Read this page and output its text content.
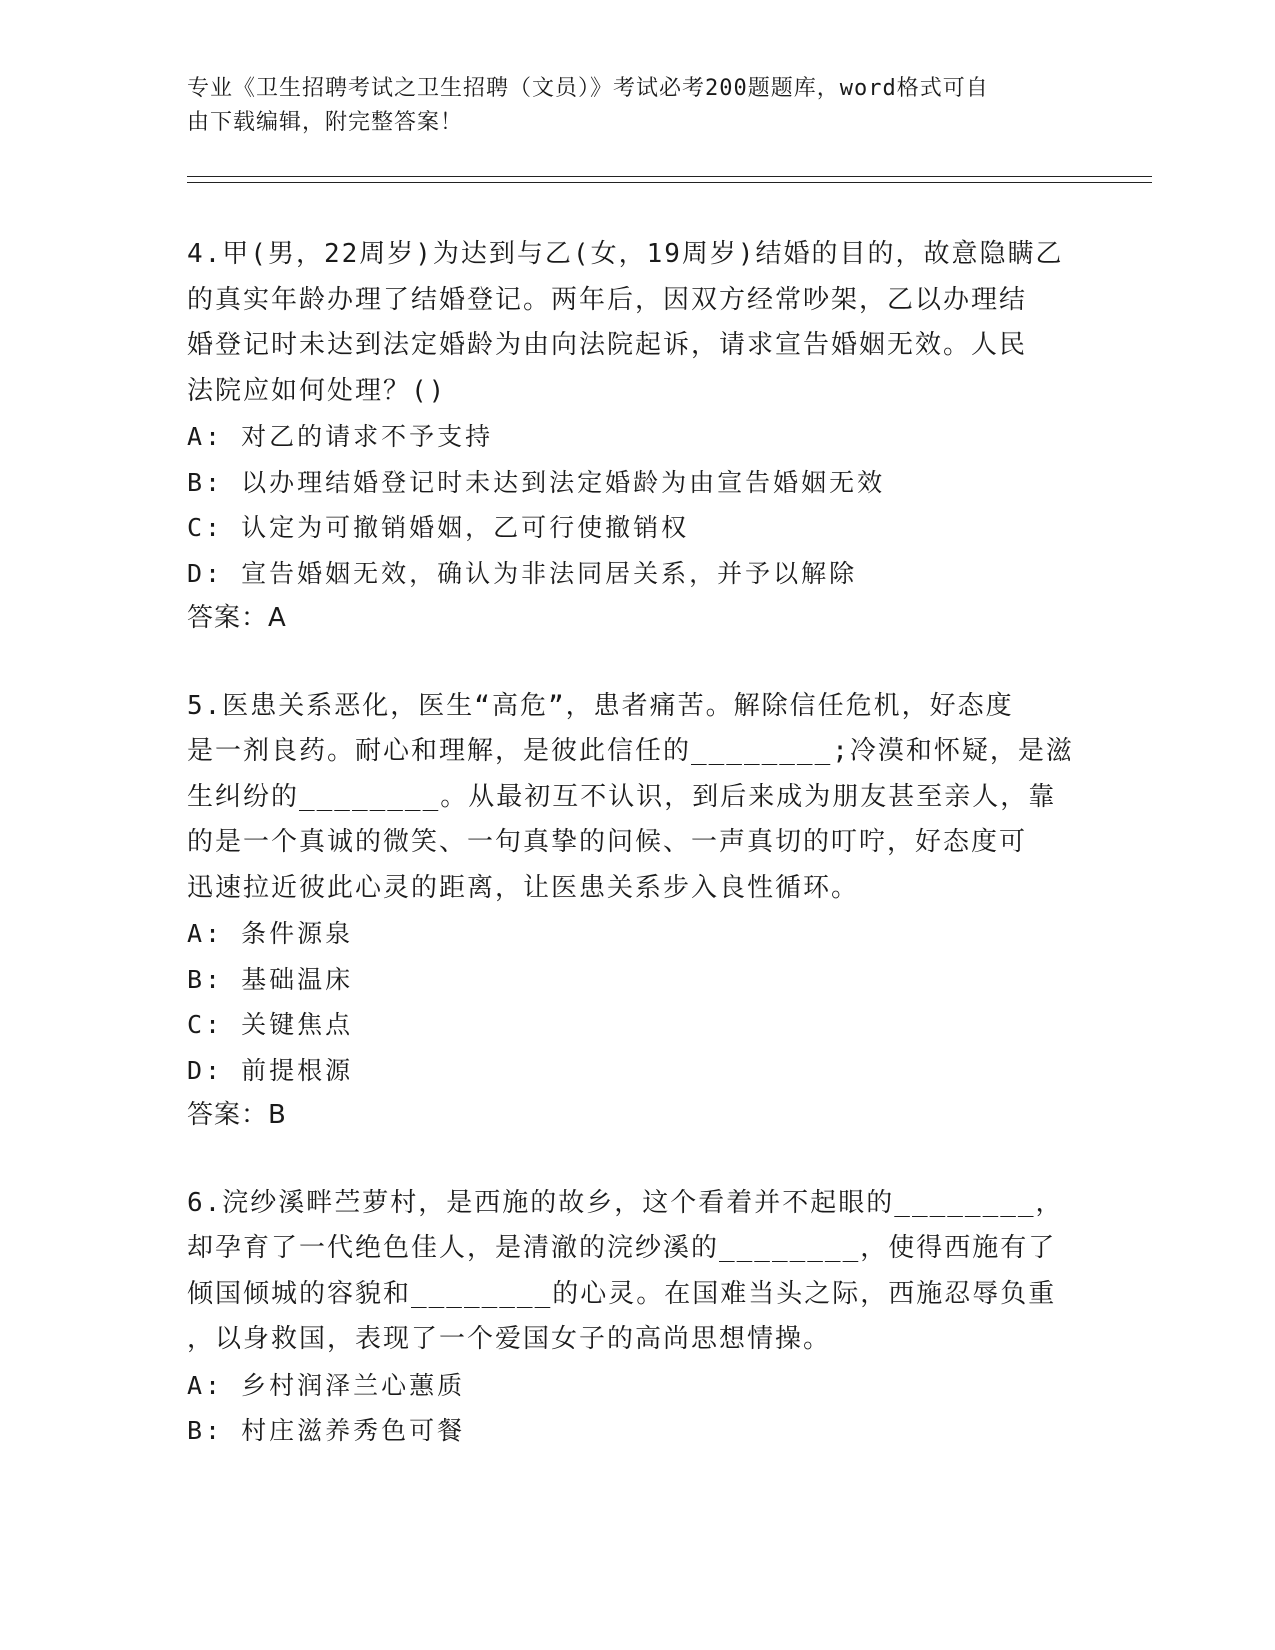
专业《卫生招聘考试之卫生招聘（文员）》考试必考200题题库，word格式可自
由下载编辑，附完整答案！

4.甲(男，22周岁)为达到与乙(女，19周岁)结婚的目的，故意隐瞒乙

的真实年龄办理了结婚登记。两年后，因双方经常吵架，乙以办理结

婚登记时未达到法定婚龄为由向法院起诉，请求宣告婚姻无效。人民

法院应如何处理？()

A: 对乙的请求不予支持

B: 以办理结婚登记时未达到法定婚龄为由宣告婚姻无效

C: 认定为可撤销婚姻，乙可行使撤销权

D: 宣告婚姻无效，确认为非法同居关系，并予以解除

答案：A

5.医患关系恶化，医生“高危”，患者痛苦。解除信任危机，好态度

是一剂良药。耐心和理解，是彼此信任的________;冷漠和怀疑，是滋

生纠纷的________。从最初互不认识，到后来成为朋友甚至亲人，靠

的是一个真诚的微笑、一句真挚的问候、一声真切的叮咛，好态度可

迅速拉近彼此心灵的距离，让医患关系步入良性循环。

A: 条件源泉

B: 基础温床

C: 关键焦点

D: 前提根源

答案：B

6.浣纱溪畔苎萝村，是西施的故乡，这个看着并不起眼的________，

却孕育了一代绝色佳人，是清澈的浣纱溪的________，使得西施有了

倾国倾城的容貌和________的心灵。在国难当头之际，西施忍辱负重

，以身救国，表现了一个爱国女子的高尚思想情操。

A: 乡村润泽兰心蕙质

B: 村庄滋养秀色可餐
